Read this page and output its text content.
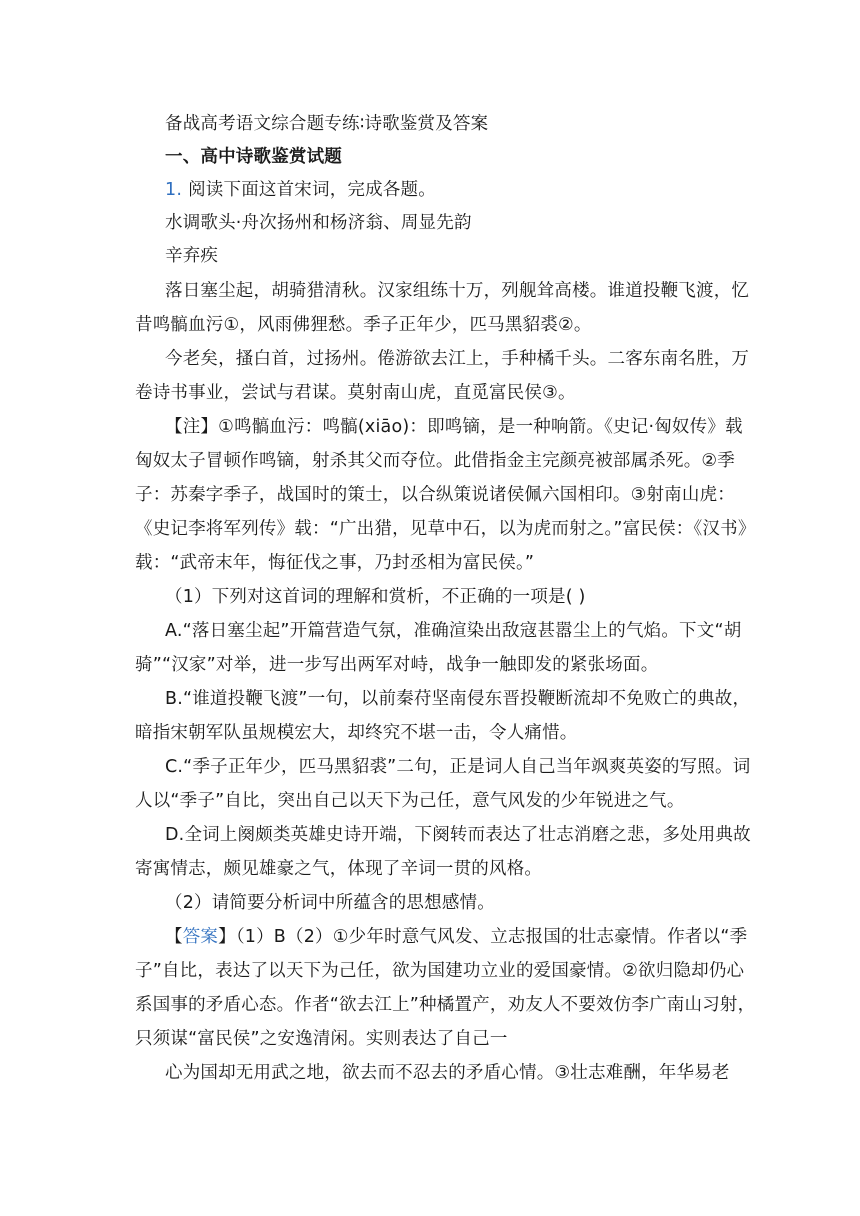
备战高考语文综合题专练∶诗歌鉴赏及答案
一、高中诗歌鉴赏试题
1. 阅读下面这首宋词，完成各题。
水调歌头·舟次扬州和杨济翁、周显先韵
辛弃疾
落日塞尘起，胡骑猎清秋。汉家组练十万，列舰耸高楼。谁道投鞭飞渡，忆
昔鸣髇血污①，风雨佛狸愁。季子正年少，匹马黑貂裘②。
今老矣，搔白首，过扬州。倦游欲去江上，手种橘千头。二客东南名胜，万
卷诗书事业，尝试与君谋。莫射南山虎，直觅富民侯③。
【注】①鸣髇血污：鸣髇(xiāo)：即鸣镝，是一种响箭。《史记·匈奴传》载
匈奴太子冒顿作鸣镝，射杀其父而夺位。此借指金主完颜亮被部属杀死。②季
子：苏秦字季子，战国时的策士，以合纵策说诸侯佩六国相印。③射南山虎：
《史记李将军列传》载：“广出猎，见草中石，以为虎而射之。”富民侯：《汉书》
载：“武帝末年，悔征伐之事，乃封丞相为富民侯。”
（1）下列对这首词的理解和赏析，不正确的一项是( )
A.“落日塞尘起”开篇营造气氛，准确渲染出敌寇甚嚣尘上的气焰。下文“胡
骑”“汉家”对举，进一步写出两军对峙，战争一触即发的紧张场面。
B.“谁道投鞭飞渡”一句，以前秦苻坚南侵东晋投鞭断流却不免败亡的典故，
暗指宋朝军队虽规模宏大，却终究不堪一击，令人痛惜。
C.“季子正年少，匹马黑貂裘”二句，正是词人自己当年飒爽英姿的写照。词
人以“季子”自比，突出自己以天下为己任，意气风发的少年锐进之气。
D.全词上阕颇类英雄史诗开端，下阕转而表达了壮志消磨之悲，多处用典故
寄寓情志，颇见雄豪之气，体现了辛词一贯的风格。
（2）请简要分析词中所蕴含的思想感情。
【答案】（1）B（2）①少年时意气风发、立志报国的壮志豪情。作者以“季
子”自比，表达了以天下为己任，欲为国建功立业的爱国豪情。②欲归隐却仍心
系国事的矛盾心态。作者“欲去江上”种橘置产，劝友人不要效仿李广南山习射，
只须谋“富民侯”之安逸清闲。实则表达了自己一
心为国却无用武之地，欲去而不忍去的矛盾心情。③壮志难酬，年华易老
